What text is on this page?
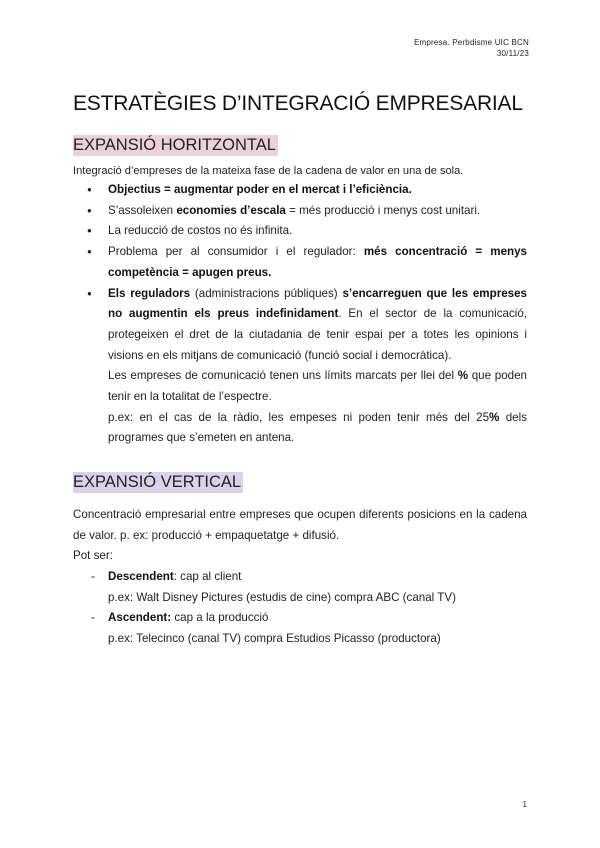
Empresa. Perbdisme UIC BCN
30/11/23
ESTRATÈGIES D’INTEGRACIÓ EMPRESARIAL
EXPANSIÓ HORITZONTAL

Integració d’empreses de la mateixa fase de la cadena de valor en una de sola.

● Objectius = augmentar poder en el mercat i l’eficiència.
● S’assoleixen economies d’escala = més producció i menys cost unitari.
● La reducció de costos no és infinita.
● Problema per al consumidor i el regulador: més concentració = menys competència = apugen preus.
● Els reguladors (administracions públiques) s’encarreguen que les empreses no augmentin els preus indefinidament. En el sector de la comunicació, protegeixen el dret de la ciutadania de tenir espai per a totes les opinions i visions en els mitjans de comunicació (funció social i democràtica).
Les empreses de comunicació tenen uns límits marcats per llei del % que poden tenir en la totalitat de l’espectre.
p.ex: en el cas de la ràdio, les empeses ni poden tenir més del 25% dels programes que s’emeten en antena.
EXPANSIÓ VERTICAL

Concentració empresarial entre empreses que ocupen diferents posicions en la cadena de valor. p. ex: producció + empaquetatge + difusió.

Pot ser:

- Descendent: cap al client
p.ex: Walt Disney Pictures (estudis de cine) compra ABC (canal TV)
- Ascendent: cap a la producció
p.ex: Telecinco (canal TV) compra Estudios Picasso (productora)
1
